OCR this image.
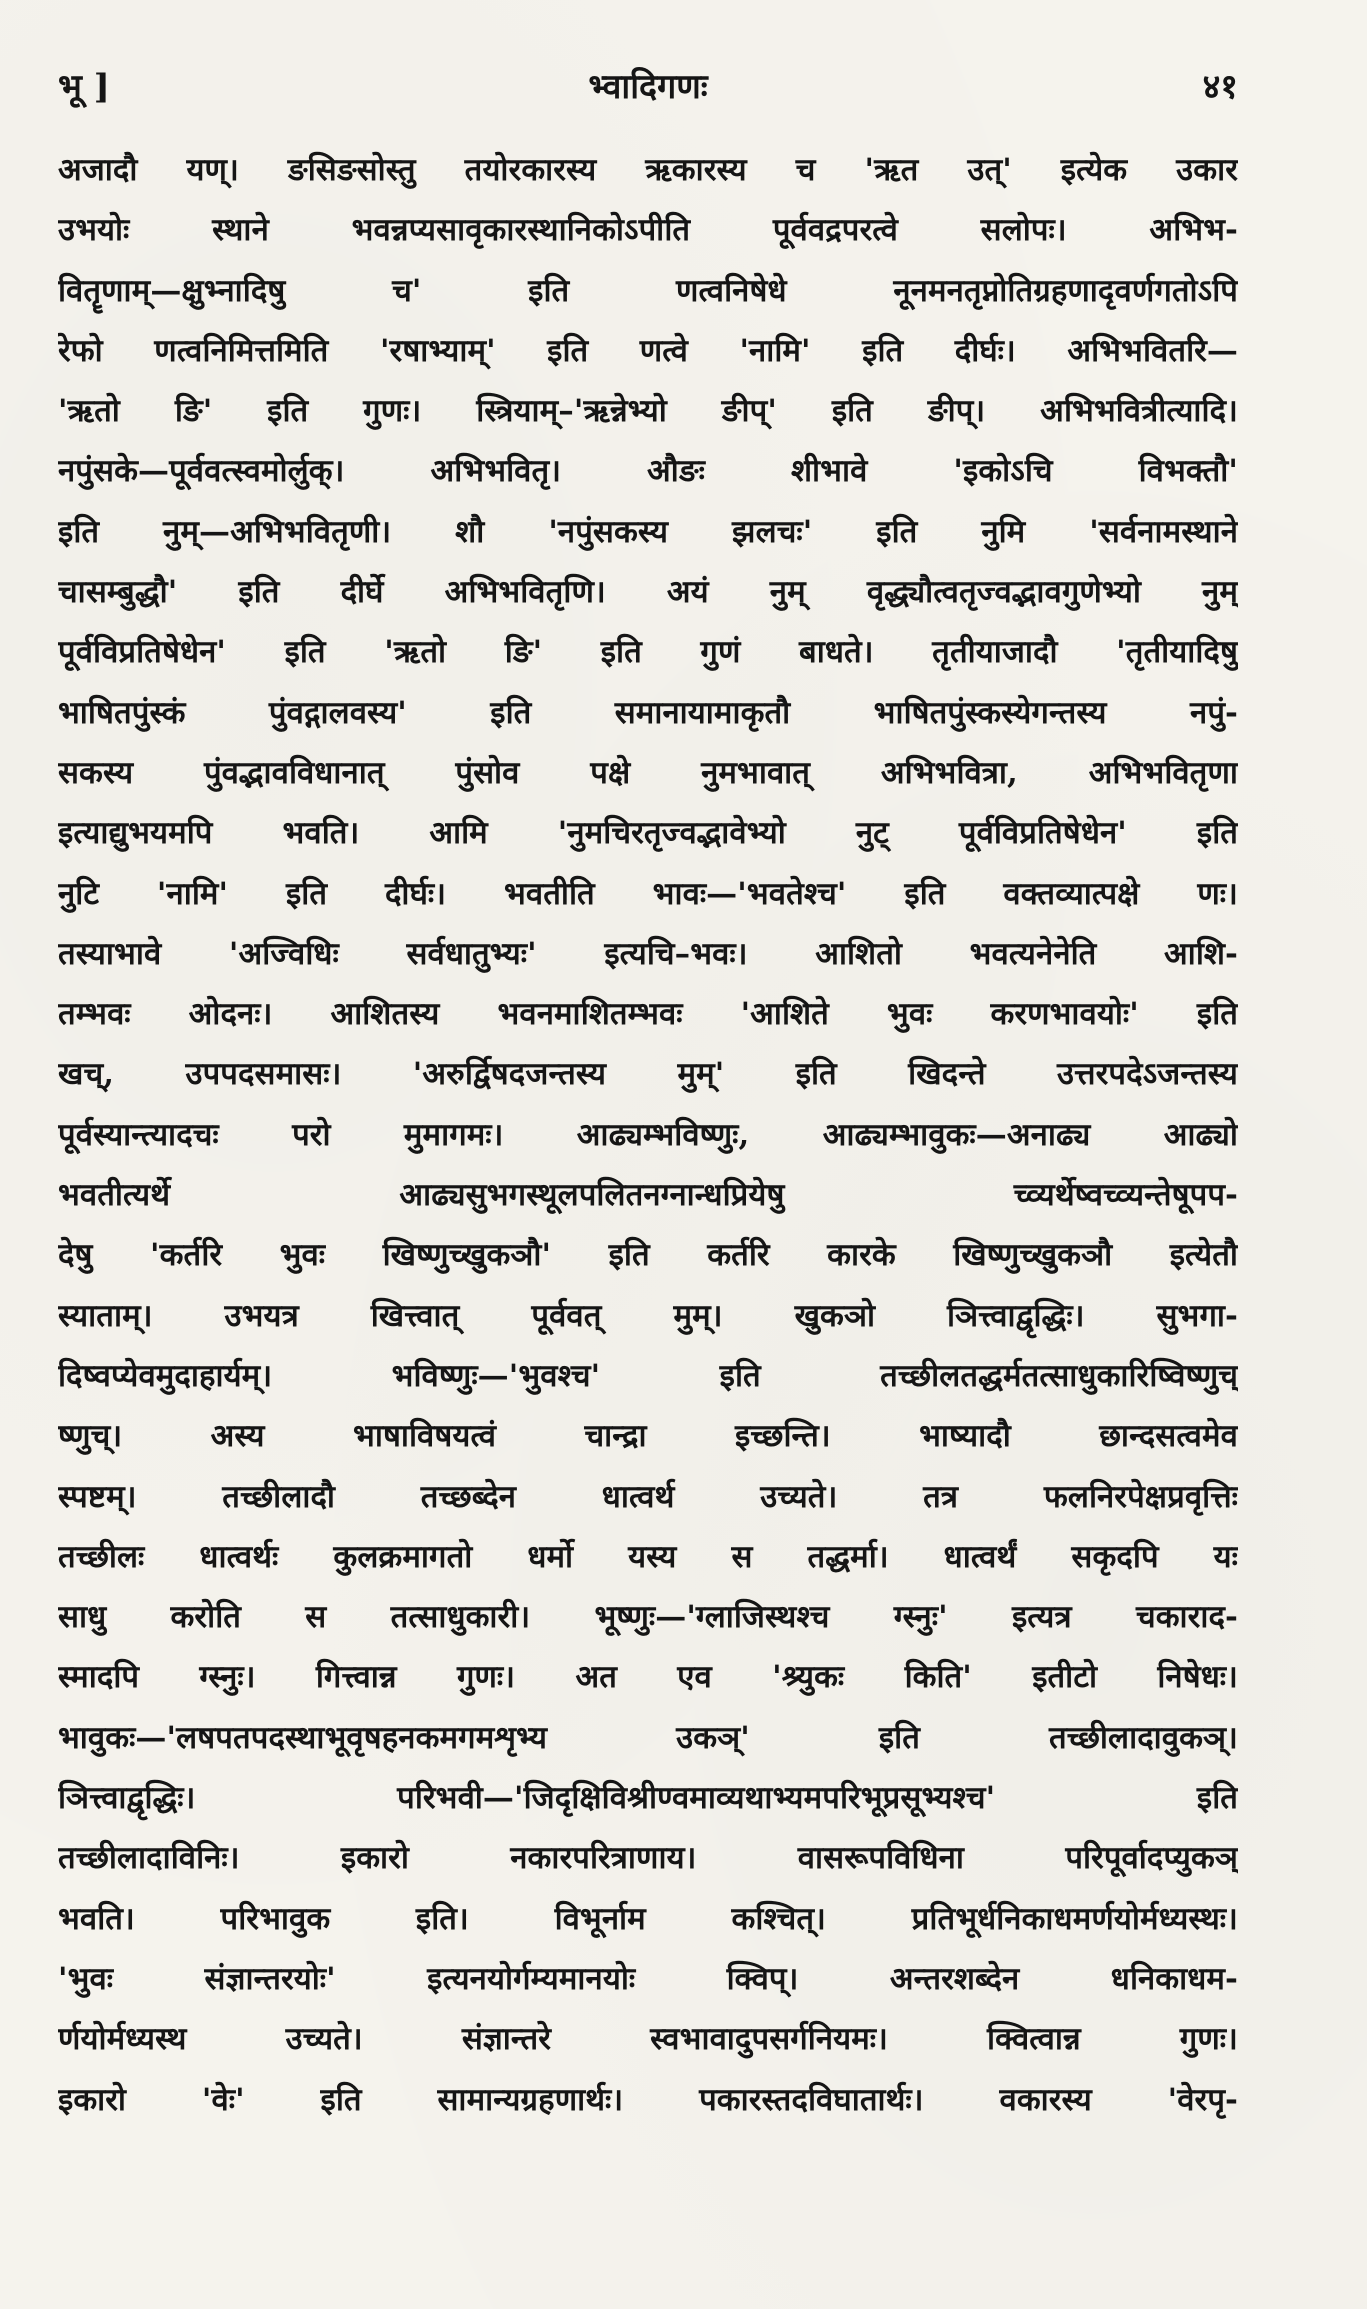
भू ]	भ्वादिगणः	४१
अजादौ यण्। ङसिङसोस्तु तयोरकारस्य ऋकारस्य च 'ऋत उत्' इत्येक उकार
उभयोः स्थाने भवन्नप्यसावृकारस्थानिकोऽपीति पूर्ववद्रपरत्वे सलोपः। अभिभ-
वितॄणाम्—क्षुभ्नादिषु च' इति णत्वनिषेधे नूनमनतृप्नोतिग्रहणादृवर्णगतोऽपि
रेफो णत्वनिमित्तमिति 'रषाभ्याम्' इति णत्वे 'नामि' इति दीर्घः। अभिभवितरि—
'ऋतो ङि' इति गुणः। स्त्रियाम्–'ऋन्नेभ्यो ङीप्' इति ङीप्। अभिभवित्रीत्यादि।
नपुंसके—पूर्ववत्स्वमोर्लुक्। अभिभवितृ। औङः शीभावे 'इकोऽचि विभक्तौ'
इति नुम्—अभिभवितृणी। शौ 'नपुंसकस्य झलचः' इति नुमि 'सर्वनामस्थाने
चासम्बुद्धौ' इति दीर्घे अभिभवितृणि। अयं नुम् वृद्ध्यौत्वतृज्वद्भावगुणेभ्यो नुम्
पूर्वविप्रतिषेधेन' इति 'ऋतो ङि' इति गुणं बाधते। तृतीयाजादौ 'तृतीयादिषु
भाषितपुंस्कं पुंवद्गालवस्य' इति समानायामाकृतौ भाषितपुंस्कस्येगन्तस्य नपुं-
सकस्य पुंवद्भावविधानात् पुंसोव पक्षे नुमभावात् अभिभवित्रा, अभिभवितृणा
इत्याद्युभयमपि भवति। आमि 'नुमचिरतृज्वद्भावेभ्यो नुट् पूर्वविप्रतिषेधेन' इति
नुटि 'नामि' इति दीर्घः। भवतीति भावः—'भवतेश्च' इति वक्तव्यात्पक्षे णः।
तस्याभावे 'अज्विधिः सर्वधातुभ्यः' इत्यचि–भवः। आशितो भवत्यनेनेति आशि-
तम्भवः ओदनः। आशितस्य भवनमाशितम्भवः 'आशिते भुवः करणभावयोः' इति
खच्, उपपदसमासः। 'अरुर्द्विषदजन्तस्य मुम्' इति खिदन्ते उत्तरपदेऽजन्तस्य
पूर्वस्यान्त्यादचः परो मुमागमः। आढ्यम्भविष्णुः, आढ्यम्भावुकः—अनाढ्य आढ्यो
भवतीत्यर्थे आढ्यसुभगस्थूलपलितनग्नान्धप्रियेषु च्व्यर्थेष्वच्व्यन्तेषूपप-
देषु 'कर्तरि भुवः खिष्णुच्खुकञौ' इति कर्तरि कारके खिष्णुच्खुकञौ इत्येतौ
स्याताम्। उभयत्र खित्त्वात् पूर्ववत् मुम्। खुकञो ञित्त्वाद्वृद्धिः। सुभगा-
दिष्वप्येवमुदाहार्यम्। भविष्णुः—'भुवश्च' इति तच्छीलतद्धर्मतत्साधुकारिष्विष्णुच्
ष्णुच्। अस्य भाषाविषयत्वं चान्द्रा इच्छन्ति। भाष्यादौ छान्दसत्वमेव
स्पष्टम्। तच्छीलादौ तच्छब्देन धात्वर्थ उच्यते। तत्र फलनिरपेक्षप्रवृत्तिः
तच्छीलः धात्वर्थः कुलक्रमागतो धर्मो यस्य स तद्धर्मा। धात्वर्थं सकृदपि यः
साधु करोति स तत्साधुकारी। भूष्णुः—'ग्लाजिस्थश्च ग्स्नुः' इत्यत्र चकाराद-
स्मादपि ग्स्नुः। गित्त्वान्न गुणः। अत एव 'श्र्युकः किति' इतीटो निषेधः।
भावुकः—'लषपतपदस्थाभूवृषहनकमगमशृभ्य उकञ्' इति तच्छीलादावुकञ्।
ञित्त्वाद्वृद्धिः। परिभवी—'जिदृक्षिविश्रीण्वमाव्यथाभ्यमपरिभूप्रसूभ्यश्च' इति
तच्छीलादाविनिः। इकारो नकारपरित्राणाय। वासरूपविधिना परिपूर्वादप्युकञ्
भवति। परिभावुक इति। विभूर्नाम कश्चित्। प्रतिभूर्धनिकाधमर्णयोर्मध्यस्थः।
'भुवः संज्ञान्तरयोः' इत्यनयोर्गम्यमानयोः क्विप्। अन्तरशब्देन धनिकाधम-
र्णयोर्मध्यस्थ उच्यते। संज्ञान्तरे स्वभावादुपसर्गनियमः। क्वित्वान्न गुणः।
इकारो 'वेः' इति सामान्यग्रहणार्थः। पकारस्तदविघातार्थः। वकारस्य 'वेरपृ-
